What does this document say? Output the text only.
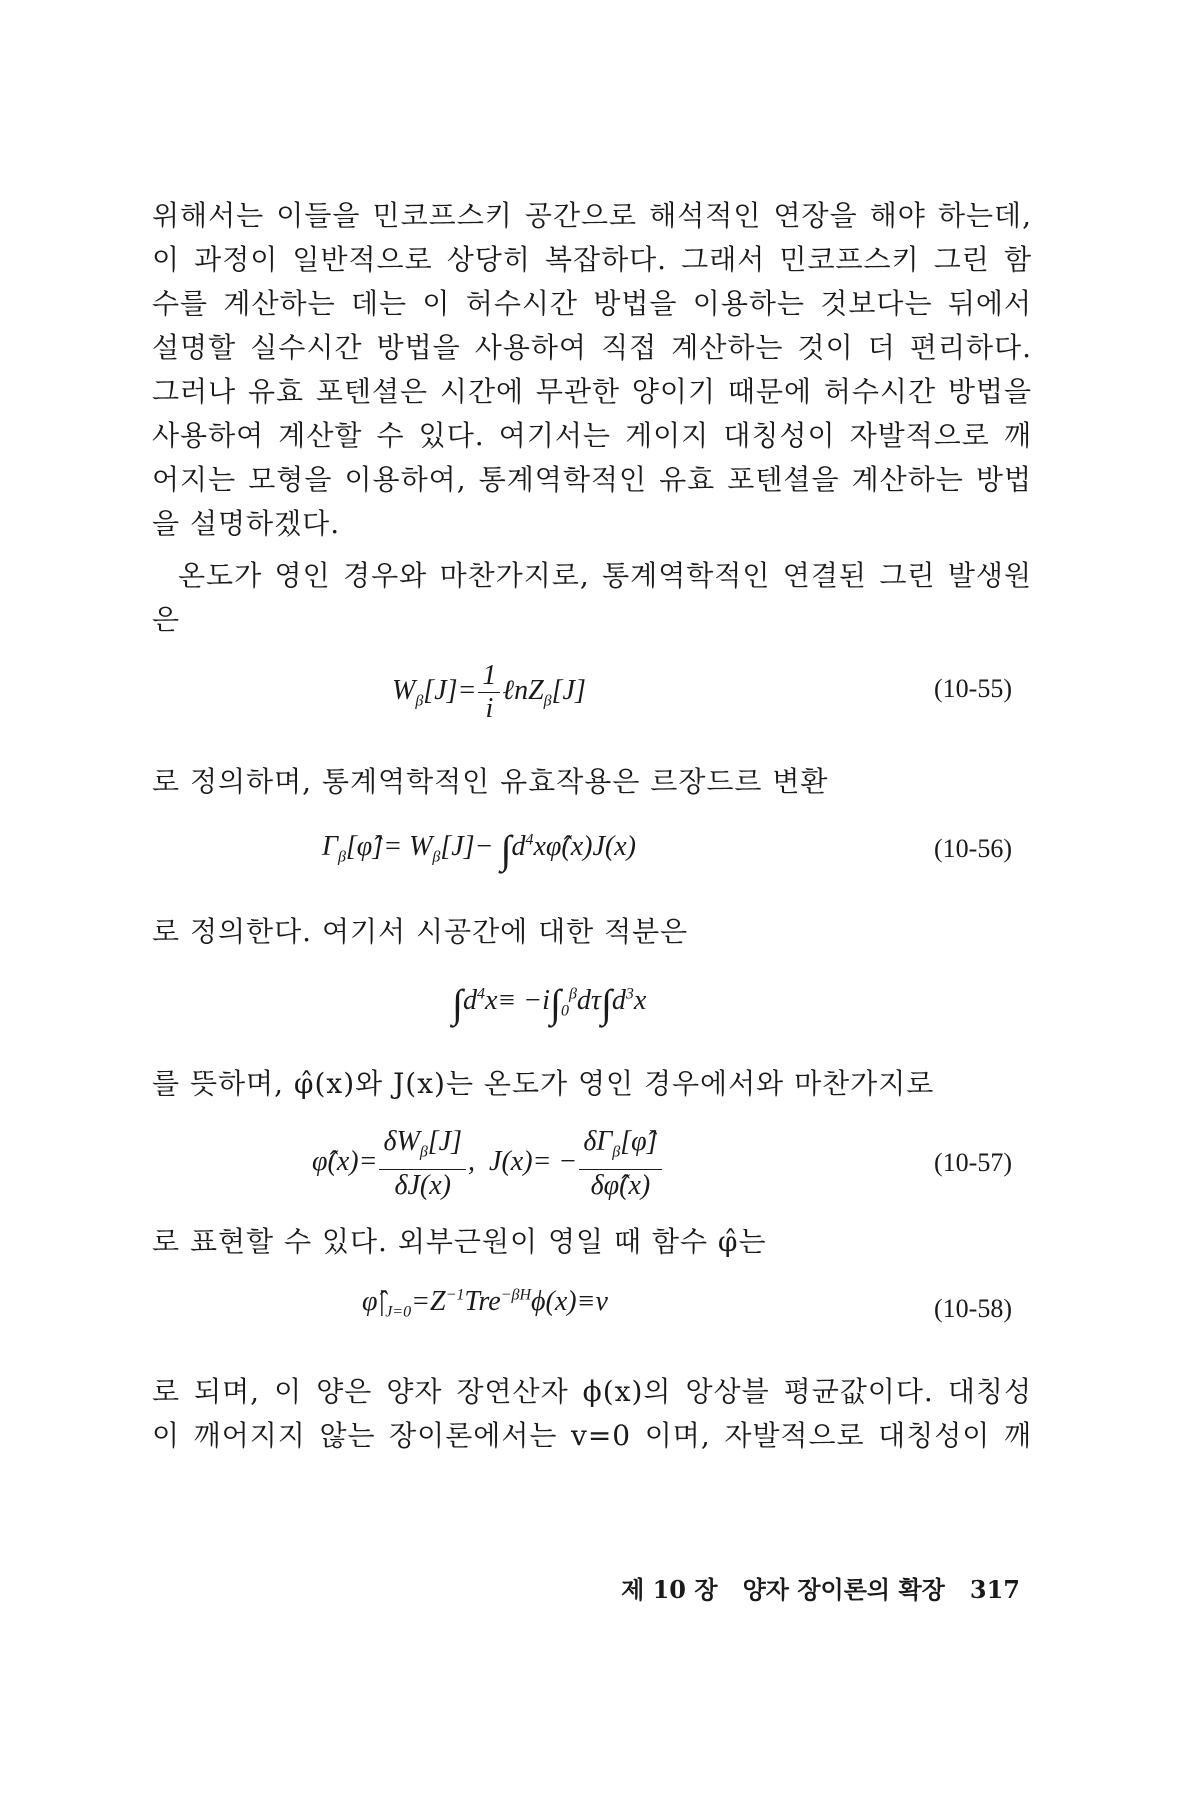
위해서는 이들을 민코프스키 공간으로 해석적인 연장을 해야 하는데,
이 과정이 일반적으로 상당히 복잡하다. 그래서 민코프스키 그린 함
수를 계산하는 데는 이 허수시간 방법을 이용하는 것보다는 뒤에서
설명할 실수시간 방법을 사용하여 직접 계산하는 것이 더 편리하다.
그러나 유효 포텐셜은 시간에 무관한 양이기 때문에 허수시간 방법을
사용하여 계산할 수 있다. 여기서는 게이지 대칭성이 자발적으로 깨
어지는 모형을 이용하여, 통계역학적인 유효 포텐셜을 계산하는 방법
을 설명하겠다.
온도가 영인 경우와 마찬가지로, 통계역학적인 연결된 그린 발생원
은
$W_\beta[J]= \frac{1}{i}$ ℓnZ$_\beta$[J]	(10-55)
로 정의하며, 통계역학적인 유효작용은 르장드르 변환
$\Gamma_\beta[\varphî]= W_\beta[J]-$ $\int d^4x\varphî(x)J(x)$	(10-56)
로 정의한다. 여기서 시공간에 대한 적분은
$\int d^4x\equiv -i\int_0^\beta d\tau\int d^3x$
를 뜻하며, φ̂(x)와 J(x)는 온도가 영인 경우에서와 마찬가지로
φ̂(x)= $\frac{\delta W_\beta[J]}{\delta J(x)}$ ,  $J(x)= - \frac{\delta\Gamma_\beta[\varphî]}{\delta\varphî(x)}$	(10-57)
로 표현할 수 있다. 외부근원이 영일 때 함수 φ̂는
$\varphî|_{J=0}=Z^{-1}Tre^{-\beta H}\phi(x)\equiv v$	(10-58)
로 되며, 이 양은 양자 장연산자 ϕ(x)의 앙상블 평균값이다. 대칭성
이 깨어지지 않는 장이론에서는 v=0 이며, 자발적으로 대칭성이 깨
제 10 장 양자 장이론의 확장 317
